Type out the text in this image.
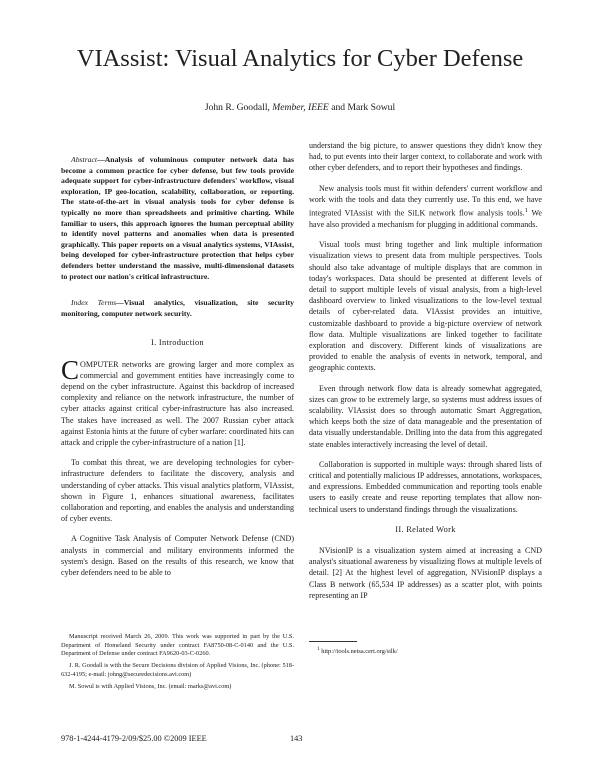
VIAssist: Visual Analytics for Cyber Defense
John R. Goodall, Member, IEEE and Mark Sowul

Abstract—Analysis of voluminous computer network data has become a common practice for cyber defense, but few tools provide adequate support for cyber-infrastructure defenders' workflow, visual exploration, IP geo-location, scalability, collaboration, or reporting. The state-of-the-art in visual analysis tools for cyber defense is typically no more than spreadsheets and primitive charting. While familiar to users, this approach ignores the human perceptual ability to identify novel patterns and anomalies when data is presented graphically. This paper reports on a visual analytics systems, VIAssist, being developed for cyber-infrastructure protection that helps cyber defenders better understand the massive, multi-dimensional datasets to protect our nation's critical infrastructure.

Index Terms—Visual analytics, visualization, site security monitoring, computer network security.

I. Introduction

COMPUTER networks are growing larger and more complex as commercial and government entities have increasingly come to depend on the cyber infrastructure. Against this backdrop of increased complexity and reliance on the network infrastructure, the number of cyber attacks against critical cyber-infrastructure has also increased. The stakes have increased as well. The 2007 Russian cyber attack against Estonia hints at the future of cyber warfare: coordinated hits can attack and cripple the cyber-infrastructure of a nation [1].

To combat this threat, we are developing technologies for cyber-infrastructure defenders to facilitate the discovery, analysis and understanding of cyber attacks. This visual analytics platform, VIAssist, shown in Figure 1, enhances situational awareness, facilitates collaboration and reporting, and enables the analysis and understanding of cyber events.

A Cognitive Task Analysis of Computer Network Defense (CND) analysts in commercial and military environments informed the system's design. Based on the results of this research, we know that cyber defenders need to be able to

Manuscript received March 26, 2009. This work was supported in part by the U.S. Department of Homeland Security under contract FA8750-08-C-0140 and the U.S. Department of Defense under contract FA9620-03-C-0260.

J. R. Goodall is with the Secure Decisions division of Applied Visions, Inc. (phone: 518-632-4195; e-mail: johng@securedecisions.avi.com)

M. Sowul is with Applied Visions, Inc. (email: marks@avi.com)

understand the big picture, to answer questions they didn't know they had, to put events into their larger context, to collaborate and work with other cyber defenders, and to report their hypotheses and findings.

New analysis tools must fit within defenders' current workflow and work with the tools and data they currently use. To this end, we have integrated VIAssist with the SiLK network flow analysis tools.$^1$ We have also provided a mechanism for plugging in additional commands.

Visual tools must bring together and link multiple information visualization views to present data from multiple perspectives. Tools should also take advantage of multiple displays that are common in today's workspaces. Data should be presented at different levels of detail to support multiple levels of visual analysis, from a high-level dashboard overview to linked visualizations to the low-level textual details of cyber-related data. VIAssist provides an intuitive, customizable dashboard to provide a big-picture overview of network flow data. Multiple visualizations are linked together to facilitate exploration and discovery. Different kinds of visualizations are provided to enable the analysis of events in network, temporal, and geographic contexts.

Even through network flow data is already somewhat aggregated, sizes can grow to be extremely large, so systems must address issues of scalability. VIAssist does so through automatic Smart Aggregation, which keeps both the size of data manageable and the presentation of data visually understandable. Drilling into the data from this aggregated state enables interactively increasing the level of detail.

Collaboration is supported in multiple ways: through shared lists of critical and potentially malicious IP addresses, annotations, workspaces, and expressions. Embedded communication and reporting tools enable users to easily create and reuse reporting templates that allow non-technical users to understand findings through the visualizations.

II. Related Work

NVisionIP is a visualization system aimed at increasing a CND analyst's situational awareness by visualizing flows at multiple levels of detail. [2] At the highest level of aggregation, NVisionIP displays a Class B network (65,534 IP addresses) as a scatter plot, with points representing an IP

$^1$ http://tools.netsa.cert.org/silk/
978-1-4244-4179-2/09/$25.00 ©2009 IEEE	143
